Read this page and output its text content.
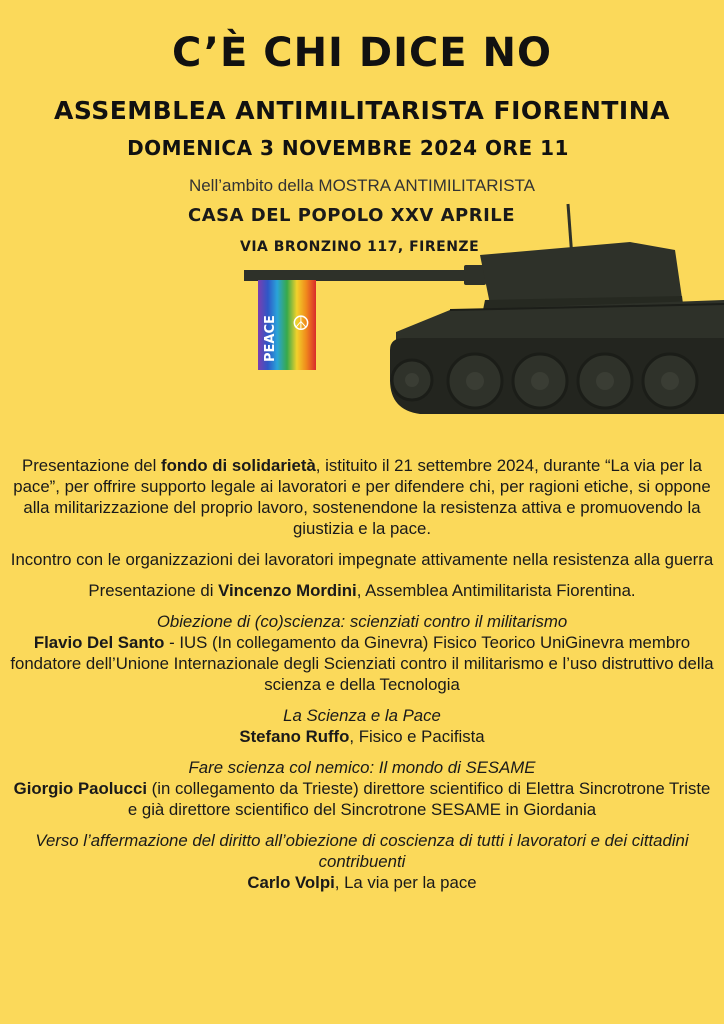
C’È CHI DICE NO
ASSEMBLEA ANTIMILITARISTA FIORENTINA
DOMENICA 3 NOVEMBRE 2024 ORE 11
Nell’ambito della MOSTRA ANTIMILITARISTA
CASA DEL POPOLO XXV APRILE
VIA BRONZINO 117, FIRENZE
PEACE ☮

Presentazione del fondo di solidarietà, istituito il 21 settembre 2024, durante “La via per la pace”, per offrire supporto legale ai lavoratori e per difendere chi, per ragioni etiche, si oppone alla militarizzazione del proprio lavoro, sostenendone la resistenza attiva e promuovendo la giustizia e la pace.

Incontro con le organizzazioni dei lavoratori impegnate attivamente nella resistenza alla guerra

Presentazione di Vincenzo Mordini, Assemblea Antimilitarista Fiorentina.

Obiezione di (co)scienza: scienziati contro il militarismo
Flavio Del Santo - IUS (In collegamento da Ginevra) Fisico Teorico UniGinevra membro fondatore dell’Unione Internazionale degli Scienziati contro il militarismo e l’uso distruttivo della scienza e della Tecnologia

La Scienza e la Pace
Stefano Ruffo, Fisico e Pacifista

Fare scienza col nemico: Il mondo di SESAME
Giorgio Paolucci (in collegamento da Trieste) direttore scientifico di Elettra Sincrotrone Triste e già direttore scientifico del Sincrotrone SESAME in Giordania

Verso l’affermazione del diritto all’obiezione di coscienza di tutti i lavoratori e dei cittadini contribuenti
Carlo Volpi, La via per la pace
